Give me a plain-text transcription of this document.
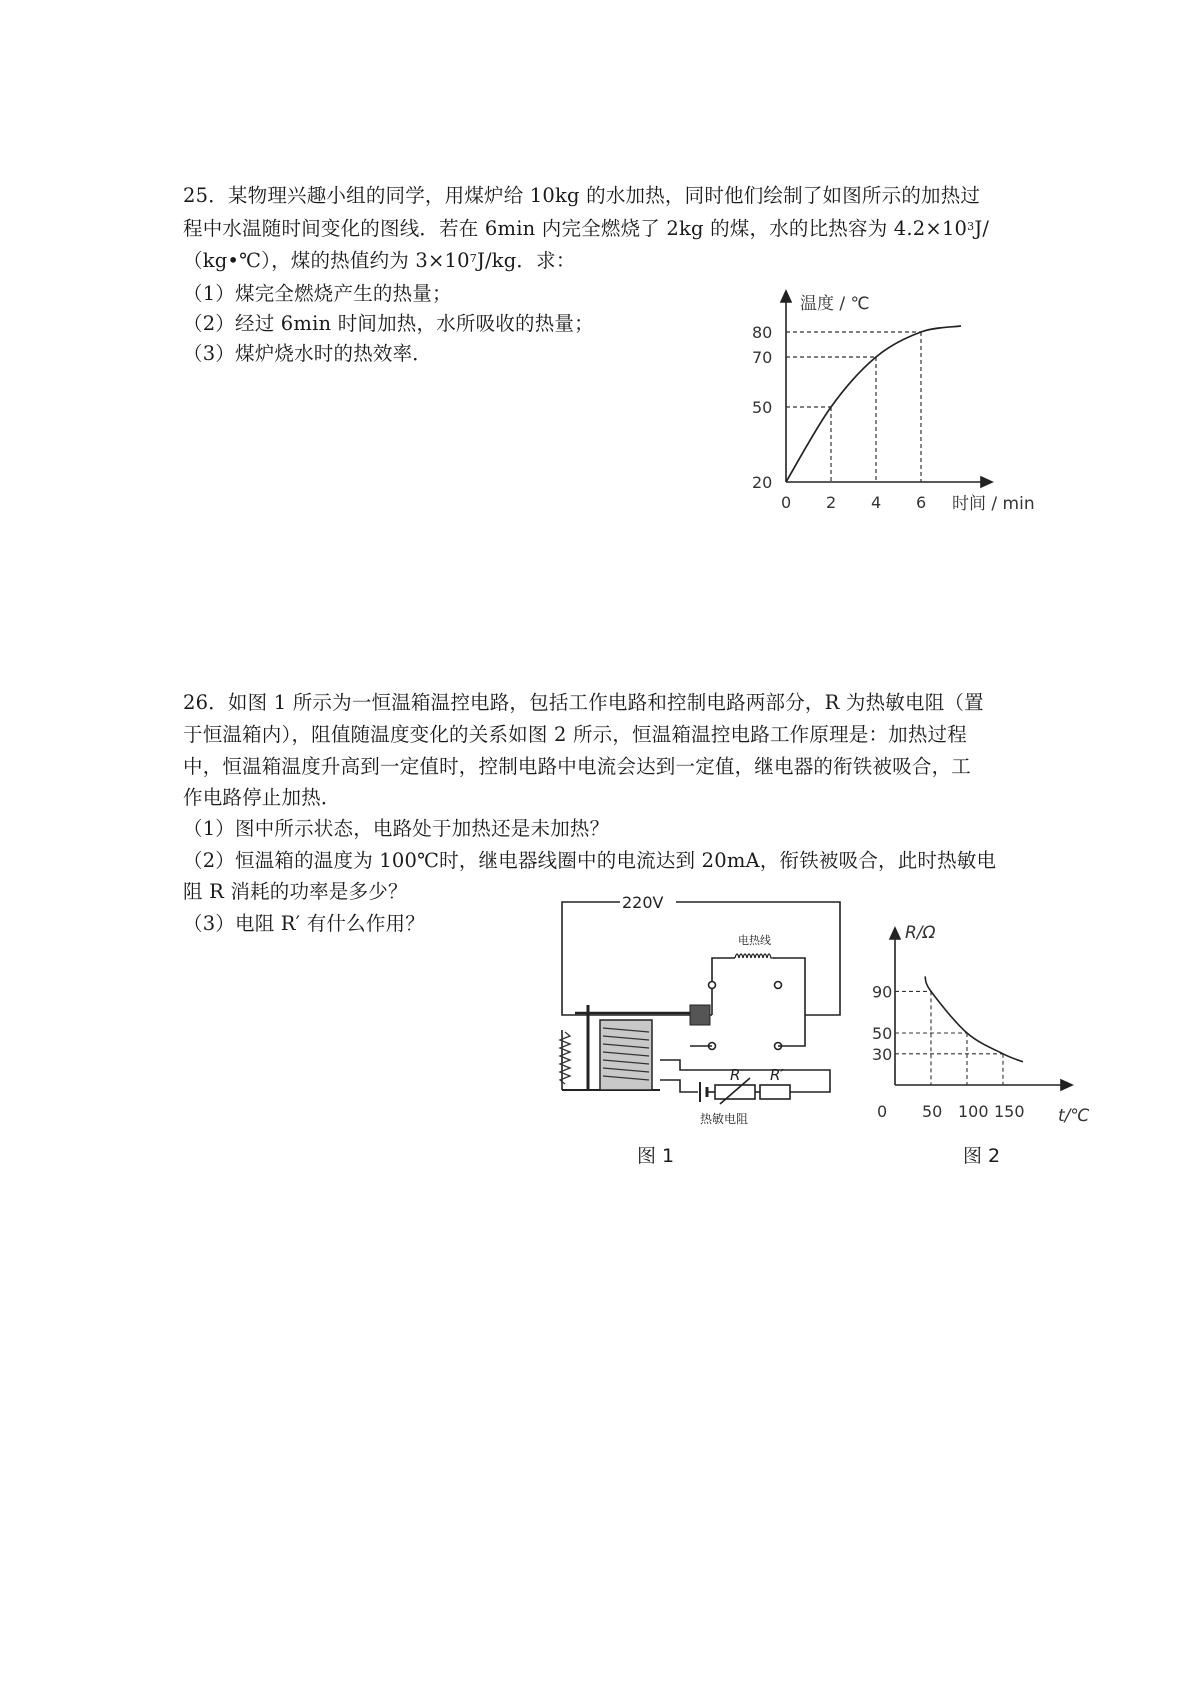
25．某物理兴趣小组的同学，用煤炉给 10kg 的水加热，同时他们绘制了如图所示的加热过
程中水温随时间变化的图线．若在 6min 内完全燃烧了 2kg 的煤，水的比热容为 $4.2\times 10^3J/$
（kg•℃），煤的热值约为 $3\times 10^7J/kg$．求：
（1）煤完全燃烧产生的热量；
（2）经过 6min 时间加热，水所吸收的热量；
（3）煤炉烧水时的热效率．
0 2 4 6
20
50
70
80
温度 / ℃
时间 / min
26．如图 1 所示为一恒温箱温控电路，包括工作电路和控制电路两部分，R 为热敏电阻（置
于恒温箱内），阻值随温度变化的关系如图 2 所示，恒温箱温控电路工作原理是：加热过程
中，恒温箱温度升高到一定值时，控制电路中电流会达到一定值，继电器的衔铁被吸合，工
作电路停止加热．
（1）图中所示状态，电路处于加热还是未加热？
（2）恒温箱的温度为 100℃时，继电器线圈中的电流达到 20mA，衔铁被吸合，此时热敏电
阻 R 消耗的功率是多少？
（3）电阻 R′ 有什么作用？
220V
电热线
R R′
热敏电阻
图 1
50 100 150
90
50
30
R/Ω
t/℃
0
图 2
